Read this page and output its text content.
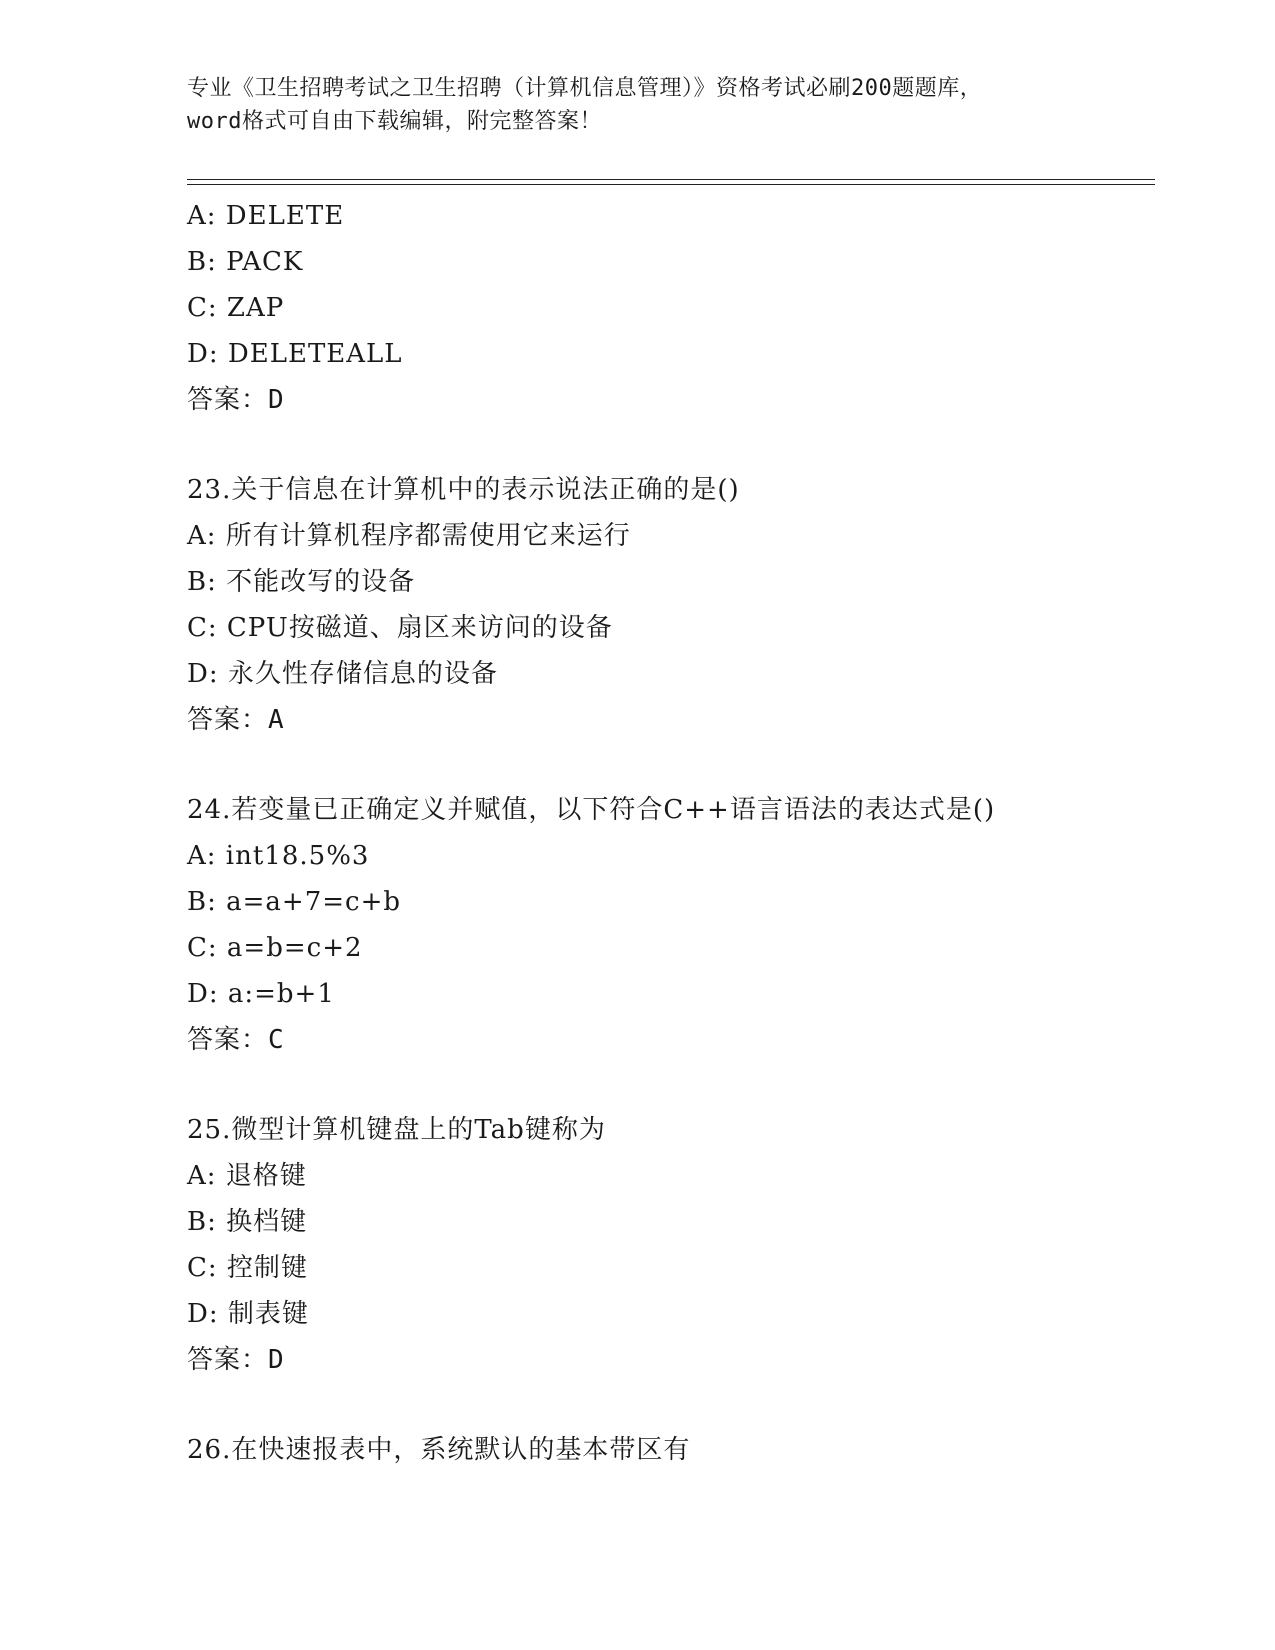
专业《卫生招聘考试之卫生招聘（计算机信息管理）》资格考试必刷200题题库，
word格式可自由下载编辑，附完整答案！
A: DELETE
B: PACK
C: ZAP
D: DELETEALL
答案：D
23.关于信息在计算机中的表示说法正确的是()
A: 所有计算机程序都需使用它来运行
B: 不能改写的设备
C: CPU按磁道、扇区来访问的设备
D: 永久性存储信息的设备
答案：A
24.若变量已正确定义并赋值，以下符合C++语言语法的表达式是()
A: int18.5%3
B: a=a+7=c+b
C: a=b=c+2
D: a:=b+1
答案：C
25.微型计算机键盘上的Tab键称为
A: 退格键
B: 换档键
C: 控制键
D: 制表键
答案：D
26.在快速报表中，系统默认的基本带区有
